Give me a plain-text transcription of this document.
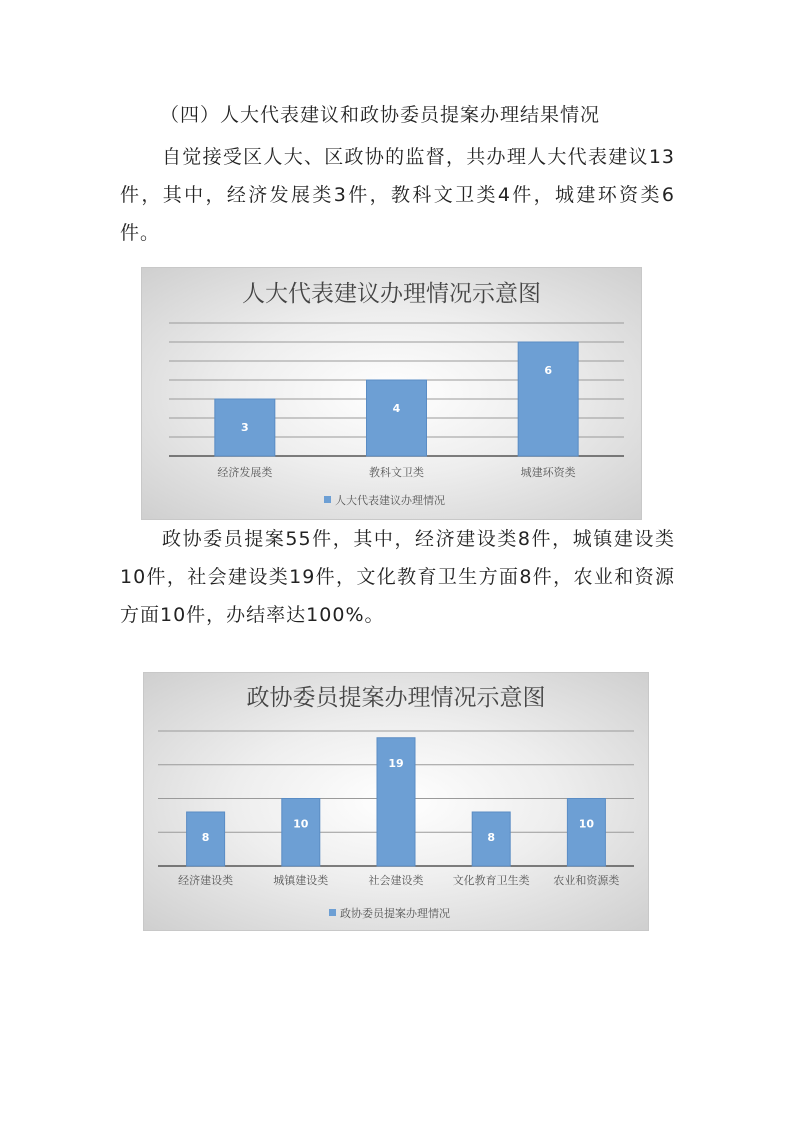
（四）人大代表建议和政协委员提案办理结果情况
自觉接受区人大、区政协的监督，共办理人大代表建议13件，其中，经济发展类3件，教科文卫类4件，城建环资类6件。
人大代表建议办理情况示意图
3
经济发展类
4
教科文卫类
6
城建环资类
人大代表建议办理情况
政协委员提案55件，其中，经济建设类8件，城镇建设类10件，社会建设类19件，文化教育卫生方面8件，农业和资源方面10件，办结率达100%。
政协委员提案办理情况示意图
8
经济建设类
10
城镇建设类
19
社会建设类
8
文化教育卫生类
10
农业和资源类
政协委员提案办理情况
